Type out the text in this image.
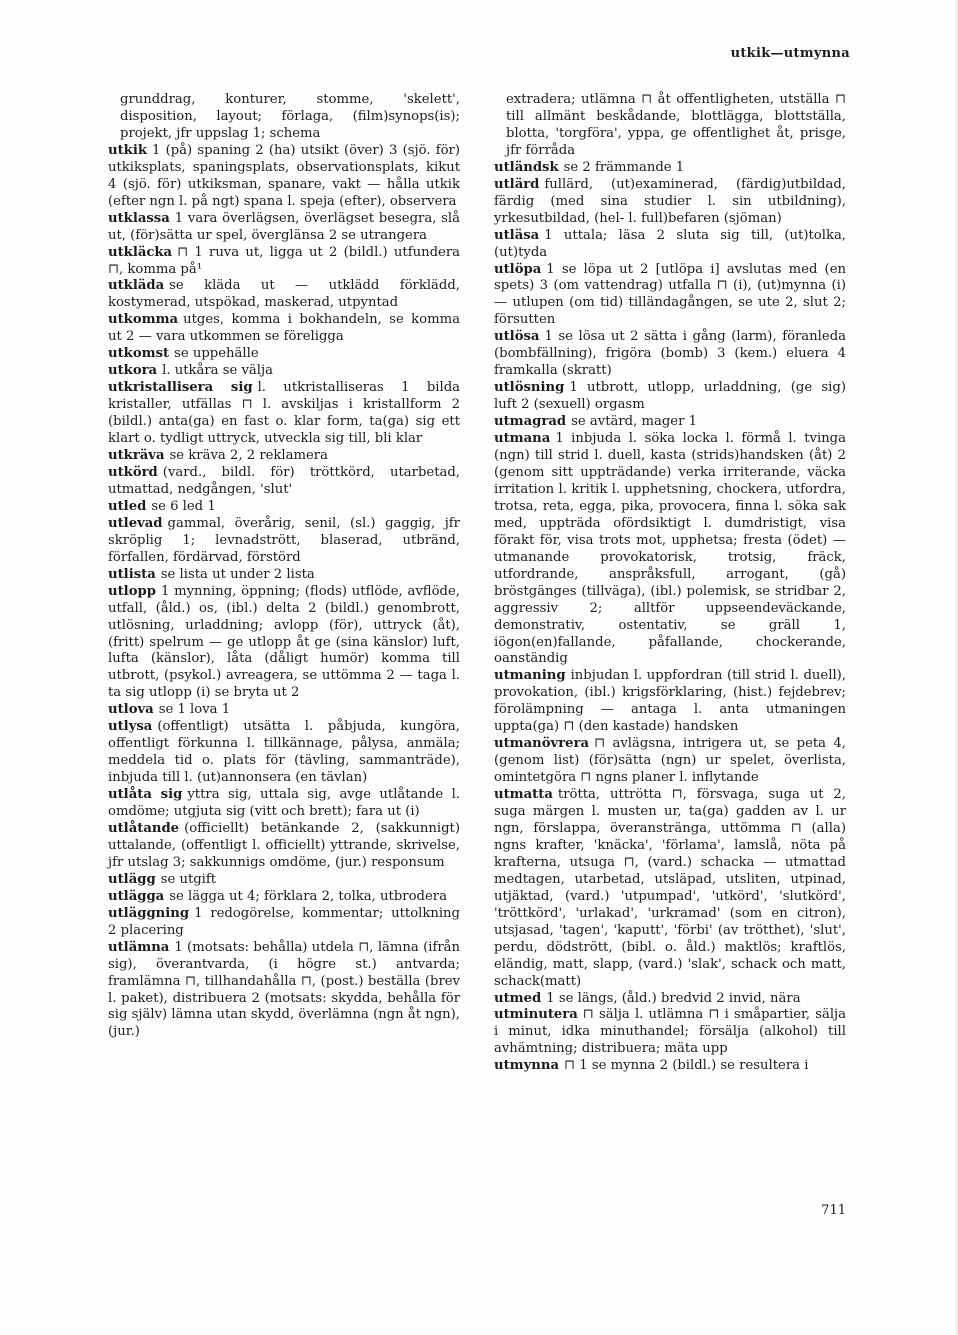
utkik—utmynna

grunddrag, konturer, stomme, 'skelett', disposition, layout; förlaga, (film)synops(is); projekt, jfr uppslag 1; schema

utkik 1 (på) spaning 2 (ha) utsikt (över) 3 (sjö. för) utkiksplats, spaningsplats, observationsplats, kikut 4 (sjö. för) utkiksman, spanare, vakt — hålla utkik (efter ngn l. på ngt) spana l. speja (efter), observera

utklassa 1 vara överlägsen, överlägset besegra, slå ut, (för)sätta ur spel, överglänsa 2 se utrangera

utkläcka ⊓ 1 ruva ut, ligga ut 2 (bildl.) utfundera ⊓, komma på¹

utkläda se kläda ut — utklädd förklädd, kostymerad, utspökad, maskerad, utpyntad

utkomma utges, komma i bokhandeln, se komma ut 2 — vara utkommen se föreligga

utkomst se uppehälle

utkora l. utkåra se välja

utkristallisera sig l. utkristalliseras 1 bilda kristaller, utfällas ⊓ l. avskiljas i kristallform 2 (bildl.) anta(ga) en fast o. klar form, ta(ga) sig ett klart o. tydligt uttryck, utveckla sig till, bli klar

utkräva se kräva 2, 2 reklamera

utkörd (vard., bildl. för) tröttkörd, utarbetad, utmattad, nedgången, 'slut'

utled se 6 led 1

utlevad gammal, överårig, senil, (sl.) gaggig, jfr skröplig 1; levnadstrött, blaserad, utbränd, förfallen, fördärvad, förstörd

utlista se lista ut under 2 lista

utlopp 1 mynning, öppning; (flods) utflöde, avflöde, utfall, (åld.) os, (ibl.) delta 2 (bildl.) genombrott, utlösning, urladdning; avlopp (för), uttryck (åt), (fritt) spelrum — ge utlopp åt ge (sina känslor) luft, lufta (känslor), låta (dåligt humör) komma till utbrott, (psykol.) avreagera, se uttömma 2 — taga l. ta sig utlopp (i) se bryta ut 2

utlova se 1 lova 1

utlysa (offentligt) utsätta l. påbjuda, kungöra, offentligt förkunna l. tillkännage, pålysa, anmäla; meddela tid o. plats för (tävling, sammanträde), inbjuda till l. (ut)annonsera (en tävlan)

utlåta sig yttra sig, uttala sig, avge utlåtande l. omdöme; utgjuta sig (vitt och brett); fara ut (i)

utlåtande (officiellt) betänkande 2, (sakkunnigt) uttalande, (offentligt l. officiellt) yttrande, skrivelse, jfr utslag 3; sakkunnigs omdöme, (jur.) responsum

utlägg se utgift

utlägga se lägga ut 4; förklara 2, tolka, utbrodera

utläggning 1 redogörelse, kommentar; uttolkning 2 placering

utlämna 1 (motsats: behålla) utdela ⊓, lämna (ifrån sig), överantvarda, (i högre st.) antvarda; framlämna ⊓, tillhandahålla ⊓, (post.) beställa (brev l. paket), distribuera 2 (motsats: skydda, behålla för sig själv) lämna utan skydd, överlämna (ngn åt ngn), (jur.)

extradera; utlämna ⊓ åt offentligheten, utställa ⊓ till allmänt beskådande, blottlägga, blottställa, blotta, 'torgföra', yppa, ge offentlighet åt, prisge, jfr förråda

utländsk se 2 främmande 1

utlärd fullärd, (ut)examinerad, (färdig)utbildad, färdig (med sina studier l. sin utbildning), yrkesutbildad, (hel- l. full)befaren (sjöman)

utläsa 1 uttala; läsa 2 sluta sig till, (ut)tolka, (ut)tyda

utlöpa 1 se löpa ut 2 [utlöpa i] avslutas med (en spets) 3 (om vattendrag) utfalla ⊓ (i), (ut)mynna (i) — utlupen (om tid) tilländagången, se ute 2, slut 2; försutten

utlösa 1 se lösa ut 2 sätta i gång (larm), föranleda (bombfällning), frigöra (bomb) 3 (kem.) eluera 4 framkalla (skratt)

utlösning 1 utbrott, utlopp, urladdning, (ge sig) luft 2 (sexuell) orgasm

utmagrad se avtärd, mager 1

utmana 1 inbjuda l. söka locka l. förmå l. tvinga (ngn) till strid l. duell, kasta (strids)handsken (åt) 2 (genom sitt uppträdande) verka irriterande, väcka irritation l. kritik l. upphetsning, chockera, utfordra, trotsa, reta, egga, pika, provocera, finna l. söka sak med, uppträda ofördsiktigt l. dumdristigt, visa förakt för, visa trots mot, upphetsa; fresta (ödet) — utmanande provokatorisk, trotsig, fräck, utfordrande, anspråksfull, arrogant, (gå) bröstgänges (tillväga), (ibl.) polemisk, se stridbar 2, aggressiv 2; alltför uppseendeväckande, demonstrativ, ostentativ, se gräll 1, iögon(en)fallande, påfallande, chockerande, oanständig

utmaning inbjudan l. uppfordran (till strid l. duell), provokation, (ibl.) krigsförklaring, (hist.) fejdebrev; förolämpning — antaga l. anta utmaningen uppta(ga) ⊓ (den kastade) handsken

utmanövrera ⊓ avlägsna, intrigera ut, se peta 4, (genom list) (för)sätta (ngn) ur spelet, överlista, omintetgöra ⊓ ngns planer l. inflytande

utmatta trötta, uttrötta ⊓, försvaga, suga ut 2, suga märgen l. musten ur, ta(ga) gadden av l. ur ngn, förslappa, överanstränga, uttömma ⊓ (alla) ngns krafter, 'knäcka', 'förlama', lamslå, nöta på krafterna, utsuga ⊓, (vard.) schacka — utmattad medtagen, utarbetad, utsläpad, utsliten, utpinad, utjäktad, (vard.) 'utpumpad', 'utkörd', 'slutkörd', 'tröttkörd', 'urlakad', 'urkramad' (som en citron), utsjasad, 'tagen', 'kaputt', 'förbi' (av trötthet), 'slut', perdu, dödstrött, (bibl. o. åld.) maktlös; kraftlös, eländig, matt, slapp, (vard.) 'slak', schack och matt, schack(matt)

utmed 1 se längs, (åld.) bredvid 2 invid, nära

utminutera ⊓ sälja l. utlämna ⊓ i småpartier, sälja i minut, idka minuthandel; försälja (alkohol) till avhämtning; distribuera; mäta upp

utmynna ⊓ 1 se mynna 2 (bildl.) se resultera i

711
